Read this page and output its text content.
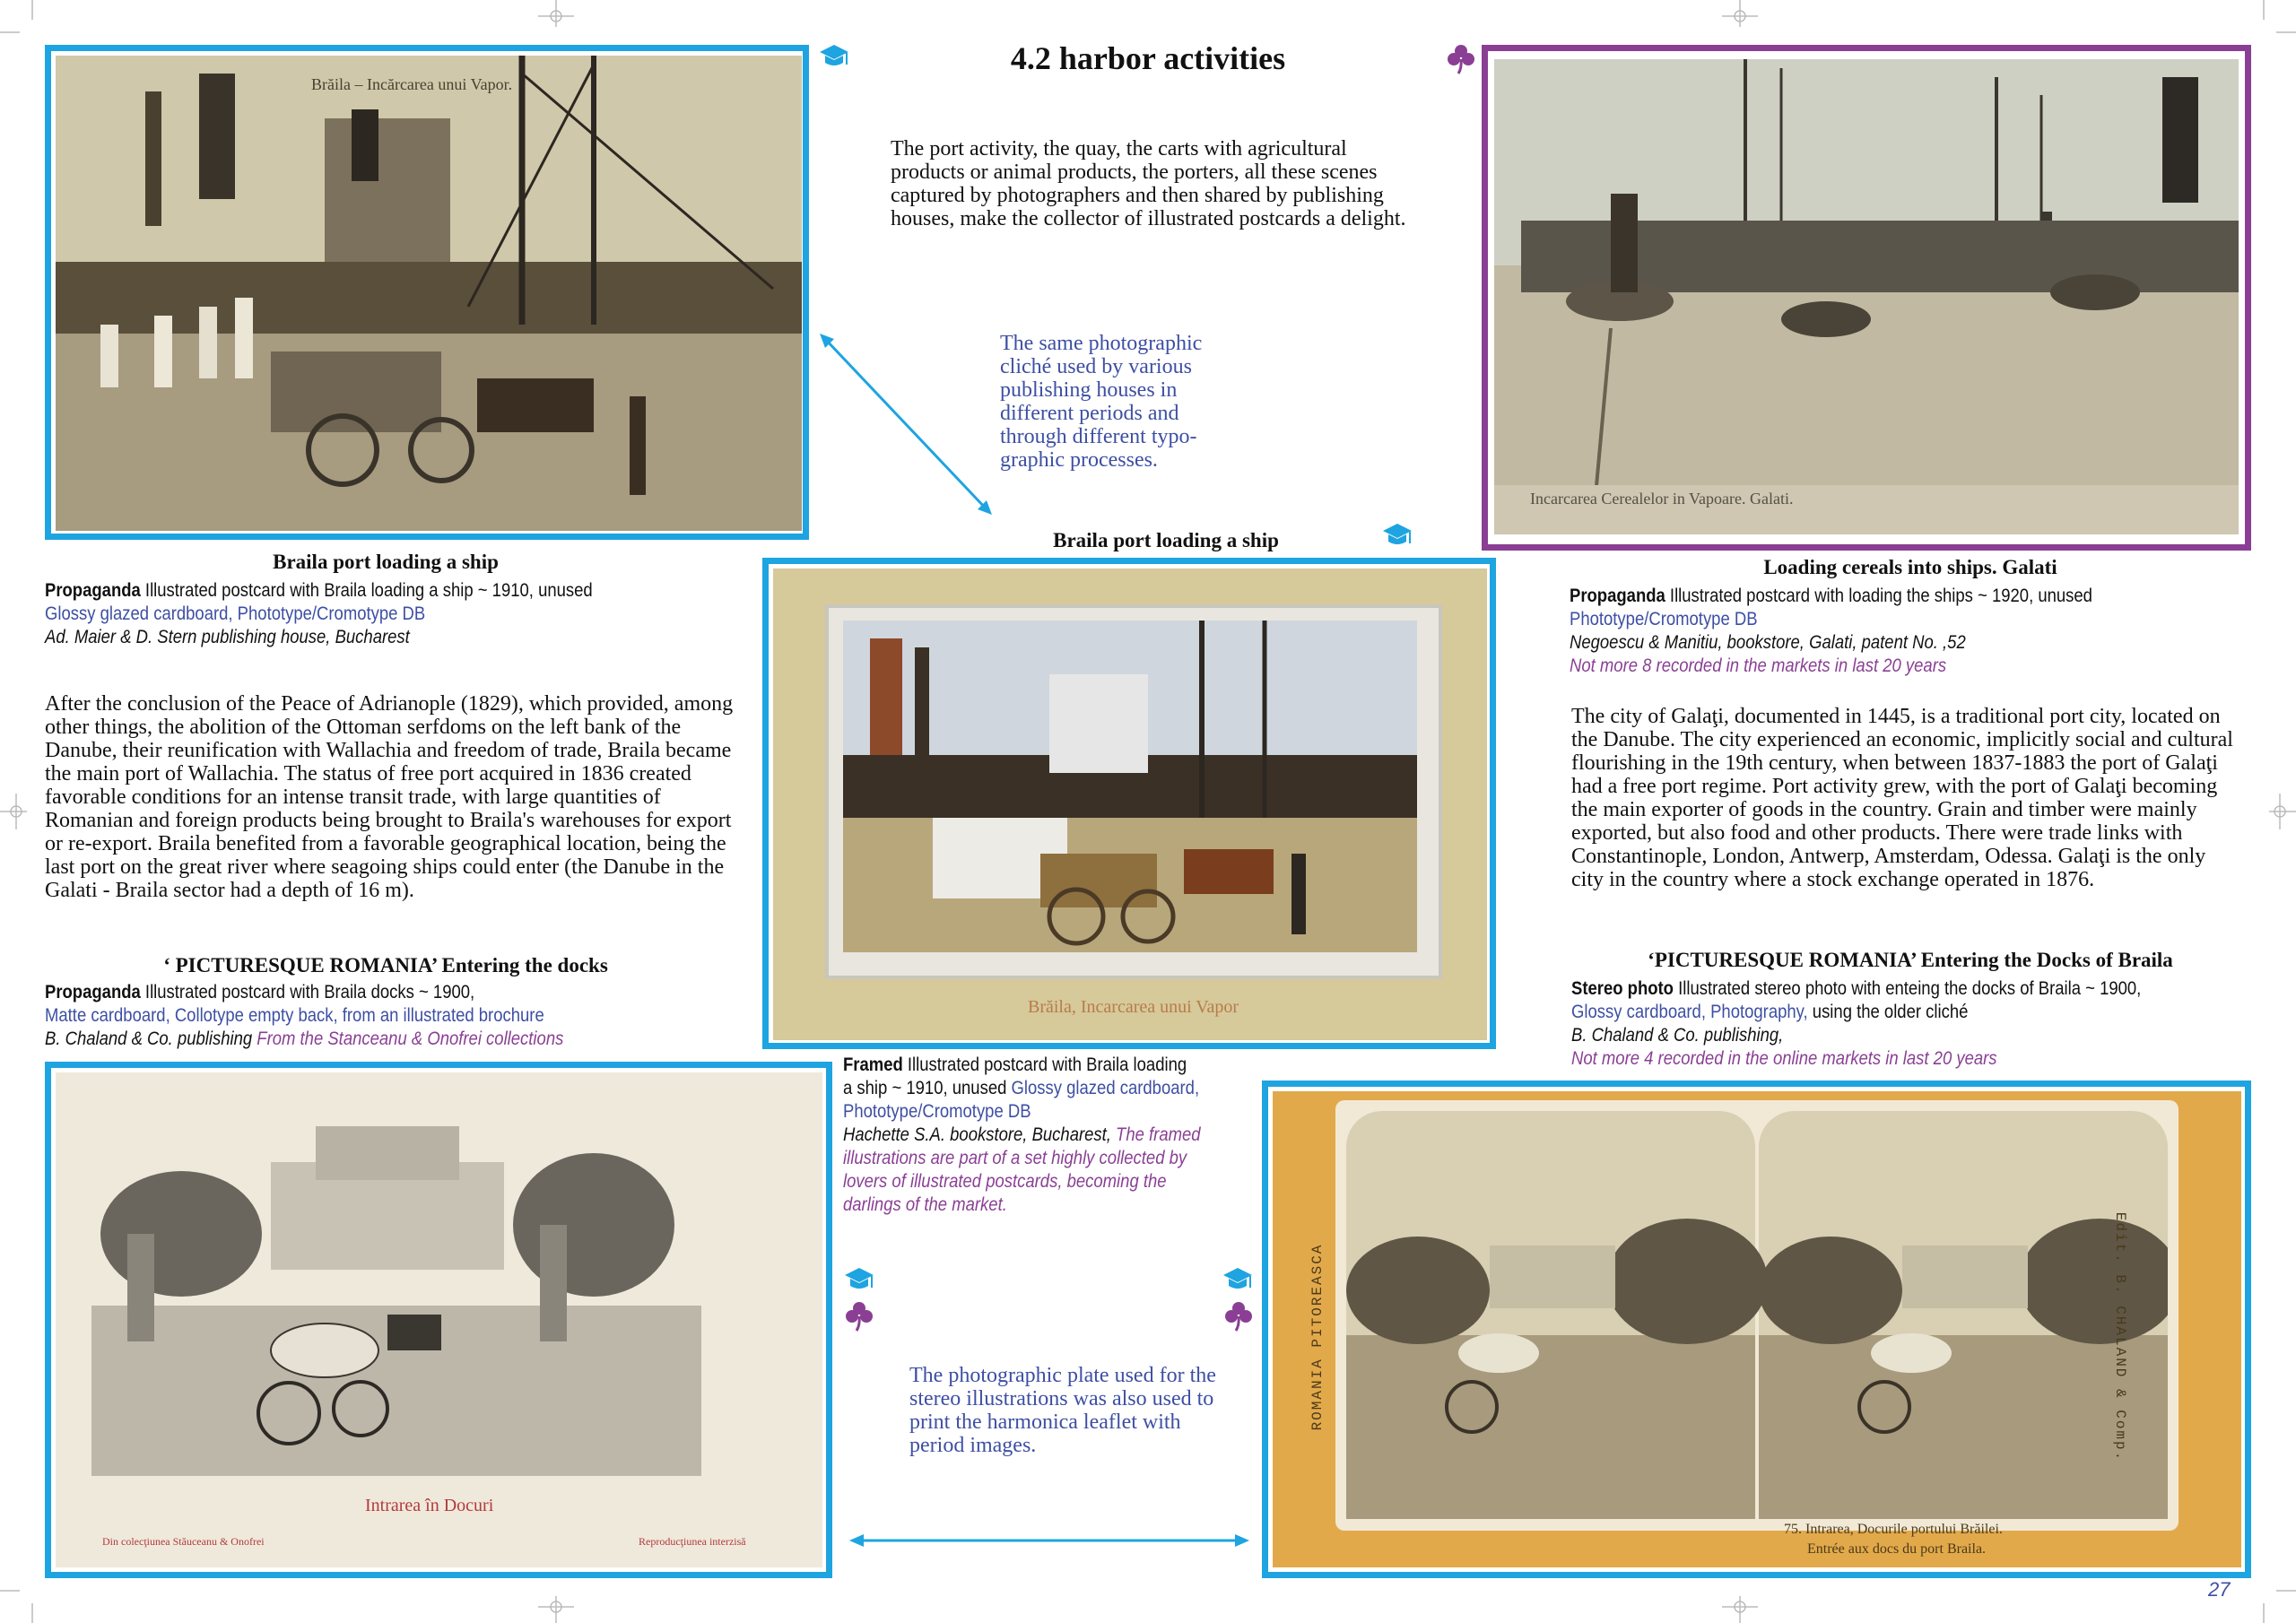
Brăila – Incărcarea unui Vapor.
Incarcarea Cerealelor in Vapoare. Galati.
Brăila, Incarcarea unui Vapor
Intrarea în Docuri
Din colecţiunea Stăuceanu & Onofrei	Reproducţiunea interzisă
ROMANIA PITOREASCA	Edit. B. CHALAND & Comp.
75. Intrarea, Docurile portului Brăilei.
Entrée aux docs du port Braila.
4.2 harbor activities
The port activity, the quay, the carts with agricultural products or animal products, the porters, all these scenes captured by photographers and then shared by publishing houses, make the collector of illustrated postcards a delight.
The same photographic cliché used by various publishing houses in different periods and through different typo-graphic processes.
The photographic plate used for the stereo illustrations was also used to print the harmonica leaflet with period images.
27
Braila port loading a ship
Propaganda Illustrated postcard with Braila loading a ship ~ 1910, unused
Glossy glazed cardboard, Phototype/Cromotype DB
Ad. Maier & D. Stern publishing house, Bucharest
After the conclusion of the Peace of Adrianople (1829), which provided, among other things, the abolition of the Ottoman serfdoms on the left bank of the Danube, their reunification with Wallachia and freedom of trade, Braila became the main port of Wallachia. The status of free port acquired in 1836 created favorable conditions for an intense transit trade, with large quantities of Romanian and foreign products being brought to Braila's warehouses for export or re-export. Braila benefited from a favorable geographical location, being the last port on the great river where seagoing ships could enter (the Danube in the Galati - Braila sector had a depth of 16 m).
‘ PICTURESQUE ROMANIA’ Entering the docks
Propaganda Illustrated postcard with Braila docks ~ 1900,
Matte cardboard, Collotype empty back, from an illustrated brochure
B. Chaland & Co. publishing From the Stanceanu & Onofrei collections
Braila port loading a ship
Framed Illustrated postcard with Braila loading
a ship ~ 1910, unused Glossy glazed cardboard,
Phototype/Cromotype DB
Hachette S.A. bookstore, Bucharest, The framed
illustrations are part of a set highly collected by
lovers of illustrated postcards, becoming the
darlings of the market.
Loading cereals into ships. Galati
Propaganda Illustrated postcard with loading the ships ~ 1920, unused
Phototype/Cromotype DB
Negoescu & Manitiu, bookstore, Galati, patent No. ,52
Not more 8 recorded in the markets in last 20 years
The city of Galaţi, documented in 1445, is a traditional port city, located on the Danube. The city experienced an economic, implicitly social and cultural flourishing in the 19th century, when between 1837-1883 the port of Galaţi had a free port regime. Port activity grew, with the port of Galaţi becoming the main exporter of goods in the country. Grain and timber were mainly exported, but also food and other products. There were trade links with Constantinople, London, Antwerp, Amsterdam, Odessa. Galaţi is the only city in the country where a stock exchange operated in 1876.
‘PICTURESQUE ROMANIA’ Entering the Docks of Braila
Stereo photo Illustrated stereo photo with enteing the docks of Braila ~ 1900,
Glossy cardboard, Photography, using the older cliché
B. Chaland & Co. publishing,
Not more 4 recorded in the online markets in last 20 years
